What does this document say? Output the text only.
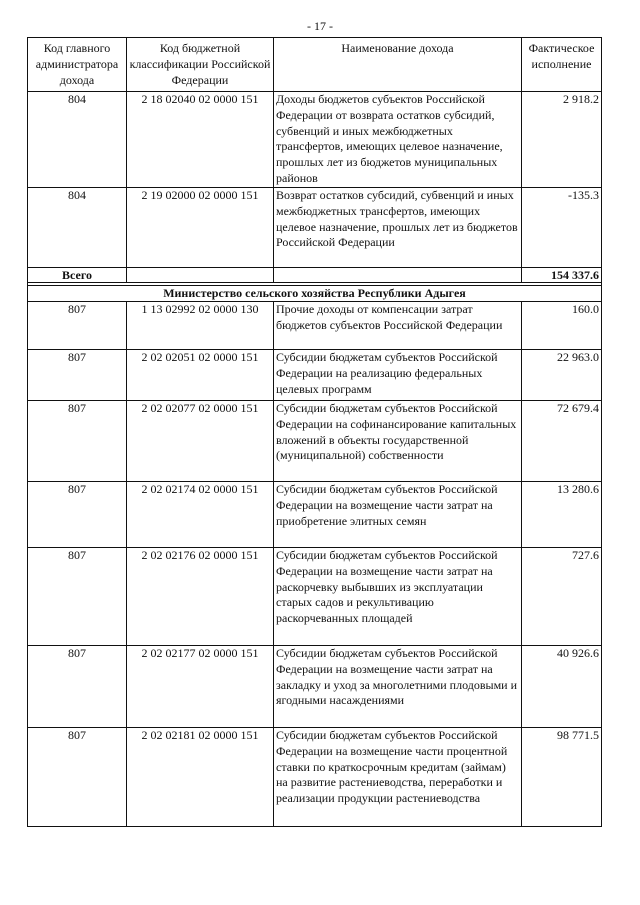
- 17 -
Код главного администратора дохода	Код бюджетной классификации Российской Федерации	Наименование дохода	Фактическое исполнение
804	2 18 02040 02 0000 151	Доходы бюджетов субъектов Российской Федерации от возврата остатков субсидий, субвенций и иных межбюджетных трансфертов, имеющих целевое назначение, прошлых лет из бюджетов муниципальных районов	2 918.2
804	2 19 02000 02 0000 151	Возврат остатков субсидий, субвенций и иных межбюджетных трансфертов, имеющих целевое назначение, прошлых лет из бюджетов Российской Федерации	-135.3
Всего			154 337.6

Министерство сельского хозяйства Республики Адыгея			
807	1 13 02992 02 0000 130	Прочие доходы от компенсации затрат бюджетов субъектов Российской Федерации	160.0
807	2 02 02051 02 0000 151	Субсидии бюджетам субъектов Российской Федерации на реализацию федеральных целевых программ	22 963.0
807	2 02 02077 02 0000 151	Субсидии бюджетам субъектов Российской Федерации на софинансирование капитальных вложений в объекты государственной (муниципальной) собственности	72 679.4
807	2 02 02174 02 0000 151	Субсидии бюджетам субъектов Российской Федерации на возмещение части затрат на приобретение элитных семян	13 280.6
807	2 02 02176 02 0000 151	Субсидии бюджетам субъектов Российской Федерации на возмещение части затрат на раскорчевку выбывших из эксплуатации старых садов и рекультивацию раскорчеванных площадей	727.6
807	2 02 02177 02 0000 151	Субсидии бюджетам субъектов Российской Федерации на возмещение части затрат на закладку и уход за многолетними плодовыми и ягодными насаждениями	40 926.6
807	2 02 02181 02 0000 151	Субсидии бюджетам субъектов Российской Федерации на возмещение части процентной ставки по краткосрочным кредитам (займам) на развитие растениеводства, переработки и реализации продукции растениеводства	98 771.5
